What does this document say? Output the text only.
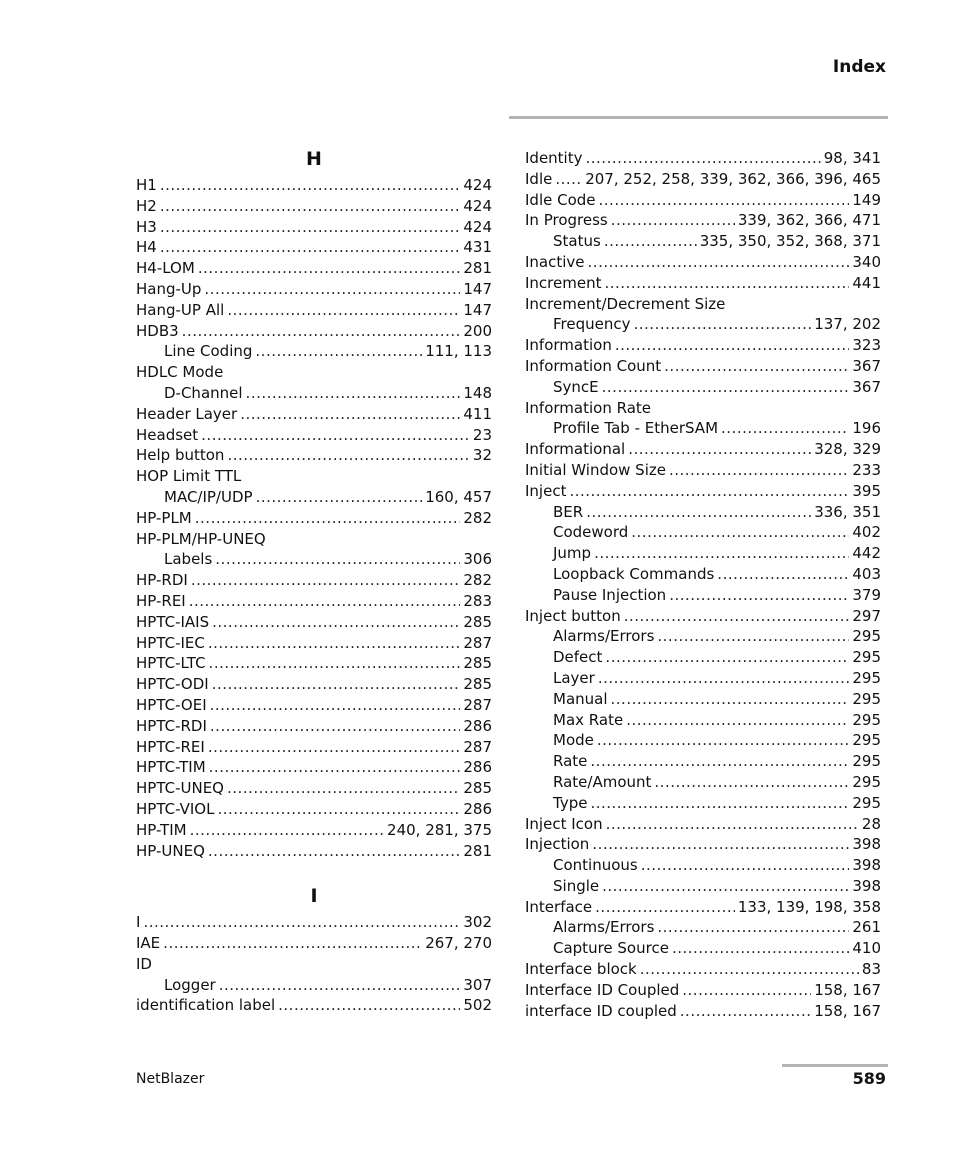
Index
H
H1 .....	424
H2 .....	424
H3 .....	424
H4 .....	431
H4-LOM .....	281
Hang-Up .....	147
Hang-UP All .....	147
HDB3 .....	200
Line Coding .....	111, 113
HDLC Mode
D-Channel .....	148
Header Layer .....	411
Headset .....	23
Help button .....	32
HOP Limit TTL
MAC/IP/UDP .....	160, 457
HP-PLM .....	282
HP-PLM/HP-UNEQ
Labels .....	306
HP-RDI .....	282
HP-REI .....	283
HPTC-IAIS .....	285
HPTC-IEC .....	287
HPTC-LTC .....	285
HPTC-ODI .....	285
HPTC-OEI .....	287
HPTC-RDI .....	286
HPTC-REI .....	287
HPTC-TIM .....	286
HPTC-UNEQ .....	285
HPTC-VIOL .....	286
HP-TIM .....	240, 281, 375
HP-UNEQ .....	281
I
I .....	302
IAE .....	267, 270
ID
Logger .....	307
identification label .....	502
Identity .....	98, 341
Idle ..... 207, 252, 258, 339, 362, 366, 396, 465
Idle Code .....	149
In Progress .....	339, 362, 366, 471
Status .....	335, 350, 352, 368, 371
Inactive .....	340
Increment .....	441
Increment/Decrement Size
Frequency .....	137, 202
Information .....	323
Information Count .....	367
SyncE .....	367
Information Rate
Profile Tab - EtherSAM .....	196
Informational .....	328, 329
Initial Window Size .....	233
Inject .....	395
BER .....	336, 351
Codeword .....	402
Jump .....	442
Loopback Commands .....	403
Pause Injection .....	379
Inject button .....	297
Alarms/Errors .....	295
Defect .....	295
Layer .....	295
Manual .....	295
Max Rate .....	295
Mode .....	295
Rate .....	295
Rate/Amount .....	295
Type .....	295
Inject Icon .....	28
Injection .....	398
Continuous .....	398
Single .....	398
Interface .....	133, 139, 198, 358
Alarms/Errors .....	261
Capture Source .....	410
Interface block .....	83
Interface ID Coupled .....	158, 167
interface ID coupled .....	158, 167
NetBlazer	589
